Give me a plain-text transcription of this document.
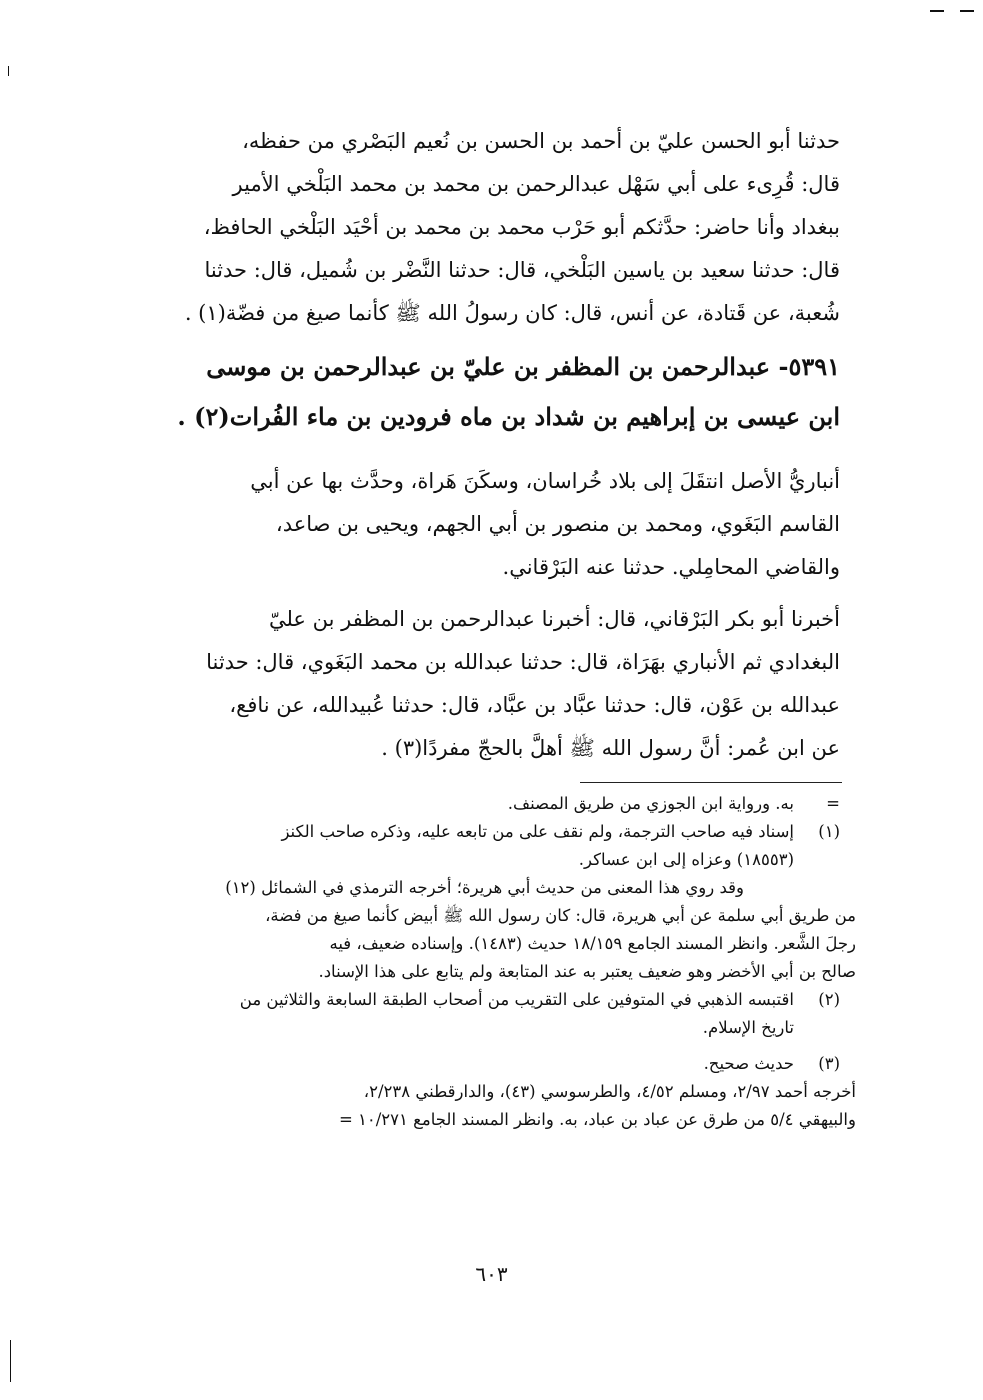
حدثنا أبو الحسن عليّ بن أحمد بن الحسن بن نُعيم البَصْري من حفظه،
قال: قُرِىء على أبي سَهْل عبدالرحمن بن محمد بن محمد البَلْخي الأمير
ببغداد وأنا حاضر: حدَّثكم أبو حَرْب محمد بن محمد بن أحْيَد البَلْخي الحافظ،
قال: حدثنا سعيد بن ياسين البَلْخي، قال: حدثنا النَّضْر بن شُميل، قال: حدثنا
شُعبة، عن قَتادة، عن أنس، قال: كان رسولُ الله ﷺ كأنما صيغ من فضّة(١) .
٥٣٩١- عبدالرحمن بن المظفر بن عليّ بن عبدالرحمن بن موسى
ابن عيسى بن إبراهيم بن شداد بن ماه فرودين بن ماء الفُرات(٢) .
أنباريُّ الأصل انتقَلَ إلى بلاد خُراسان، وسكَنَ هَراة، وحدَّث بها عن أبي
القاسم البَغَوي، ومحمد بن منصور بن أبي الجهم، ويحيى بن صاعد،
والقاضي المحامِلي. حدثنا عنه البَرْقاني.
أخبرنا أبو بكر البَرْقاني، قال: أخبرنا عبدالرحمن بن المظفر بن عليّ
البغدادي ثم الأنباري بهَرَاة، قال: حدثنا عبدالله بن محمد البَغَوي، قال: حدثنا
عبدالله بن عَوْن، قال: حدثنا عبَّاد بن عبَّاد، قال: حدثنا عُبيدالله، عن نافع،
عن ابن عُمر: أنَّ رسول الله ﷺ أهلَّ بالحجّ مفردًا(٣) .
=
به. ورواية ابن الجوزي من طريق المصنف.
(١)
إسناد فيه صاحب الترجمة، ولم نقف على من تابعه عليه، وذكره صاحب الكنز
(١٨٥٥٣) وعزاه إلى ابن عساكر.
وقد روي هذا المعنى من حديث أبي هريرة؛ أخرجه الترمذي في الشمائل (١٢)
من طريق أبي سلمة عن أبي هريرة، قال: كان رسول الله ﷺ أبيض كأنما صيغ من فضة،
رجلَ الشَّعر. وانظر المسند الجامع ١٨/١٥٩ حديث (١٤٨٣). وإسناده ضعيف، فيه
صالح بن أبي الأخضر وهو ضعيف يعتبر به عند المتابعة ولم يتابع على هذا الإسناد.
(٢)
اقتبسه الذهبي في المتوفين على التقريب من أصحاب الطبقة السابعة والثلاثين من
تاريخ الإسلام.
(٣)
حديث صحيح.
أخرجه أحمد ٢/٩٧، ومسلم ٤/٥٢، والطرسوسي (٤٣)، والدارقطني ٢/٢٣٨،
والبيهقي ٥/٤ من طرق عن عباد بن عباد، به. وانظر المسند الجامع ١٠/٢٧١ =
٦٠٣
